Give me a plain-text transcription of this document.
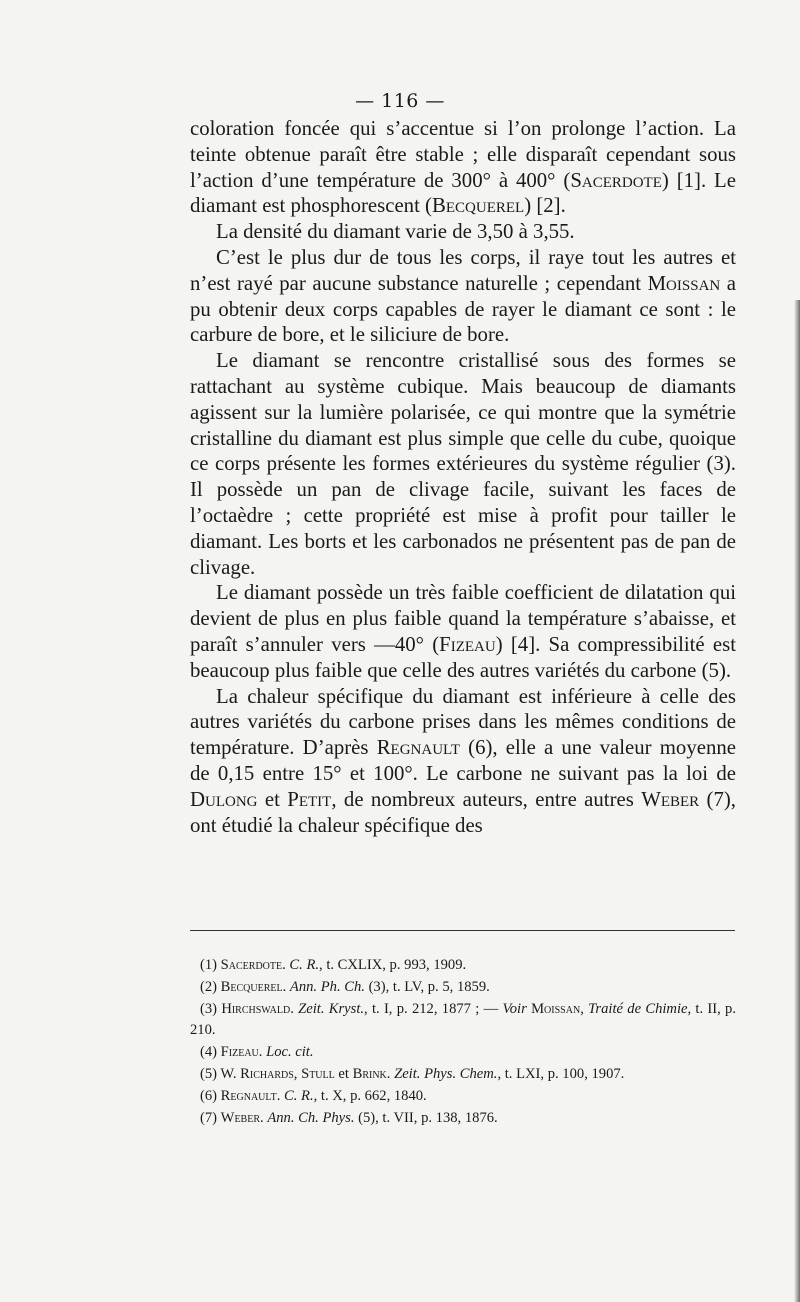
— 116 —

coloration foncée qui s’accentue si l’on prolonge l’action. La teinte obtenue paraît être stable ; elle disparaît cependant sous l’action d’une température de 300° à 400° (Sacerdote) [1]. Le diamant est phosphorescent (Becquerel) [2].

La densité du diamant varie de 3,50 à 3,55.

C’est le plus dur de tous les corps, il raye tout les autres et n’est rayé par aucune substance naturelle ; cependant Moissan a pu obtenir deux corps capables de rayer le diamant ce sont : le carbure de bore, et le siliciure de bore.

Le diamant se rencontre cristallisé sous des formes se rattachant au système cubique. Mais beaucoup de diamants agissent sur la lumière polarisée, ce qui montre que la symétrie cristalline du diamant est plus simple que celle du cube, quoique ce corps présente les formes extérieures du système régulier (3). Il possède un pan de clivage facile, suivant les faces de l’octaèdre ; cette propriété est mise à profit pour tailler le diamant. Les borts et les carbonados ne présentent pas de pan de clivage.

Le diamant possède un très faible coefficient de dilatation qui devient de plus en plus faible quand la température s’abaisse, et paraît s’annuler vers —40° (Fizeau) [4]. Sa compressibilité est beaucoup plus faible que celle des autres variétés du carbone (5).

La chaleur spécifique du diamant est inférieure à celle des autres variétés du carbone prises dans les mêmes conditions de température. D’après Regnault (6), elle a une valeur moyenne de 0,15 entre 15° et 100°. Le carbone ne suivant pas la loi de Dulong et Petit, de nombreux auteurs, entre autres Weber (7), ont étudié la chaleur spécifique des

(1) Sacerdote. C. R., t. CXLIX, p. 993, 1909.

(2) Becquerel. Ann. Ph. Ch. (3), t. LV, p. 5, 1859.

(3) Hirchswald. Zeit. Kryst., t. I, p. 212, 1877 ; — Voir Moissan, Traité de Chimie, t. II, p. 210.

(4) Fizeau. Loc. cit.

(5) W. Richards, Stull et Brink. Zeit. Phys. Chem., t. LXI, p. 100, 1907.

(6) Regnault. C. R., t. X, p. 662, 1840.

(7) Weber. Ann. Ch. Phys. (5), t. VII, p. 138, 1876.
